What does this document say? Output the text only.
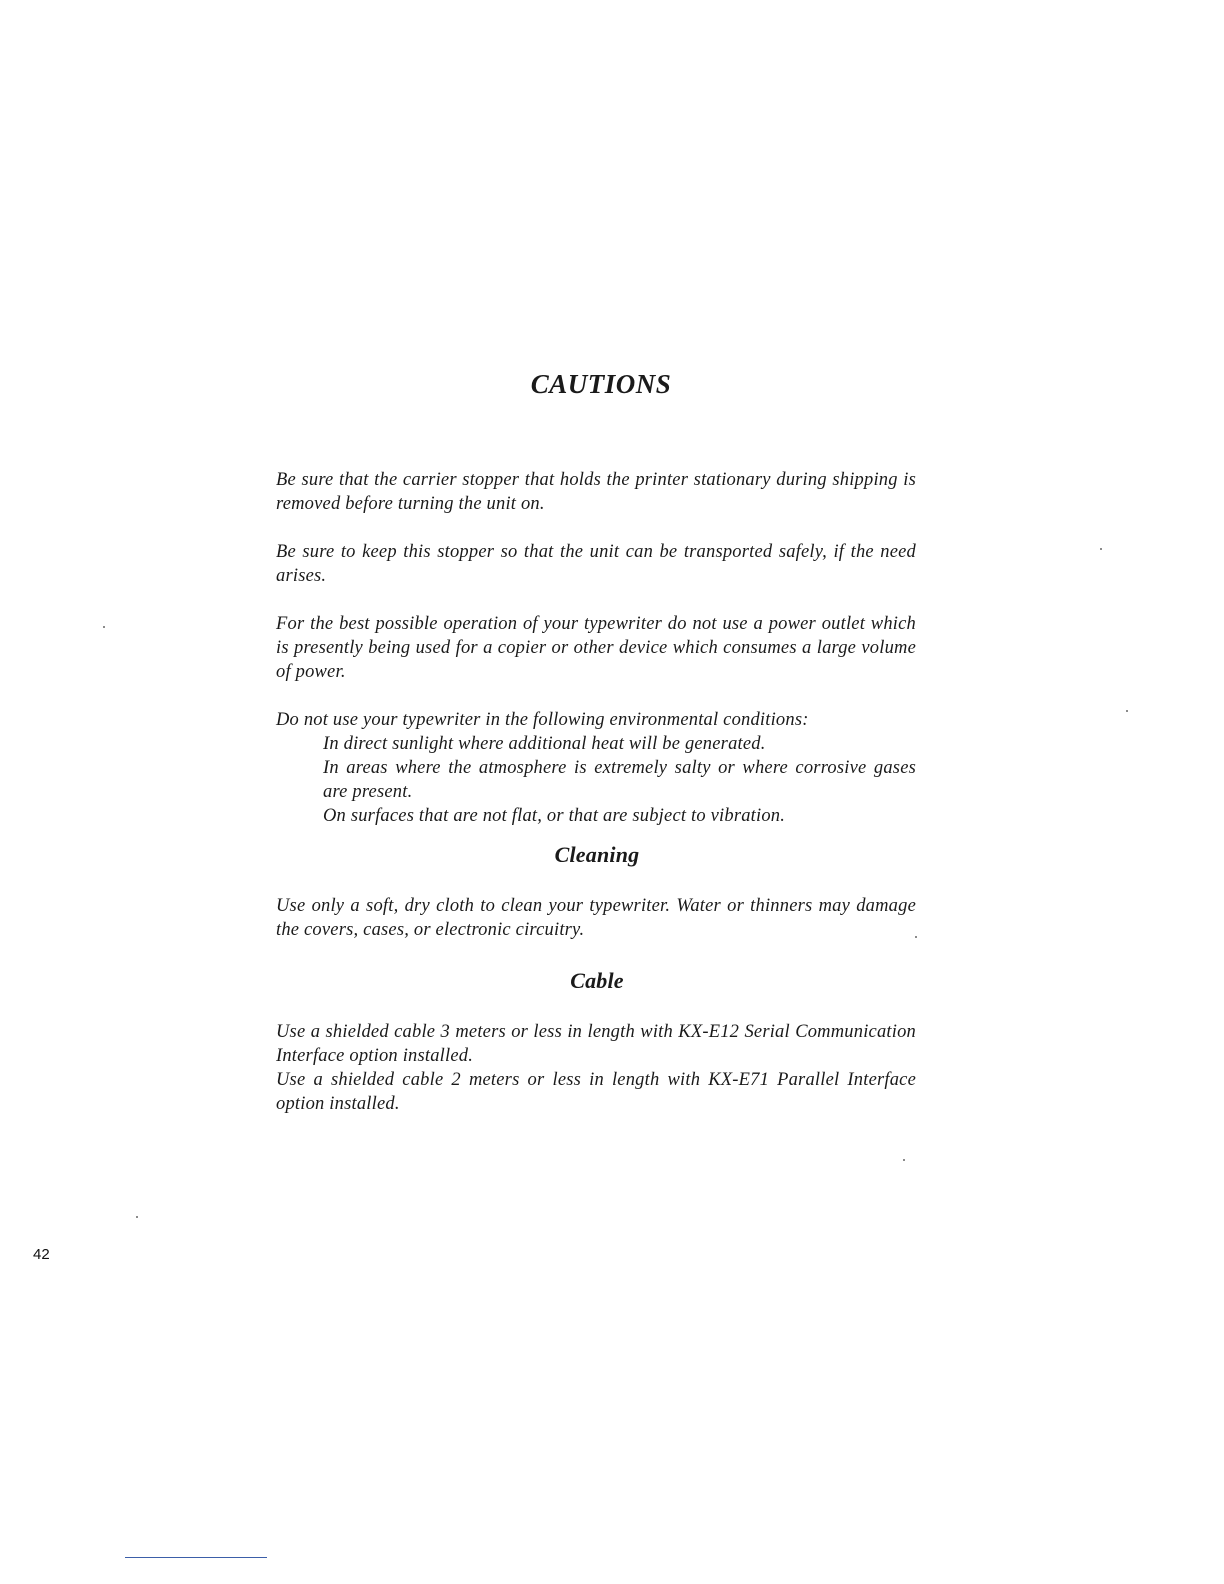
CAUTIONS

Be sure that the carrier stopper that holds the printer stationary during shipping is removed before turning the unit on.

Be sure to keep this stopper so that the unit can be transported safely, if the need arises.

For the best possible operation of your typewriter do not use a power outlet which is presently being used for a copier or other device which consumes a large volume of power.

Do not use your typewriter in the following environmental conditions:

In direct sunlight where additional heat will be generated.

In areas where the atmosphere is extremely salty or where corrosive gases are present.

On surfaces that are not flat, or that are subject to vibration.

Cleaning

Use only a soft, dry cloth to clean your typewriter. Water or thinners may damage the covers, cases, or electronic circuitry.

Cable

Use a shielded cable 3 meters or less in length with KX-E12 Serial Communication Interface option installed.

Use a shielded cable 2 meters or less in length with KX-E71 Parallel Interface option installed.

42
